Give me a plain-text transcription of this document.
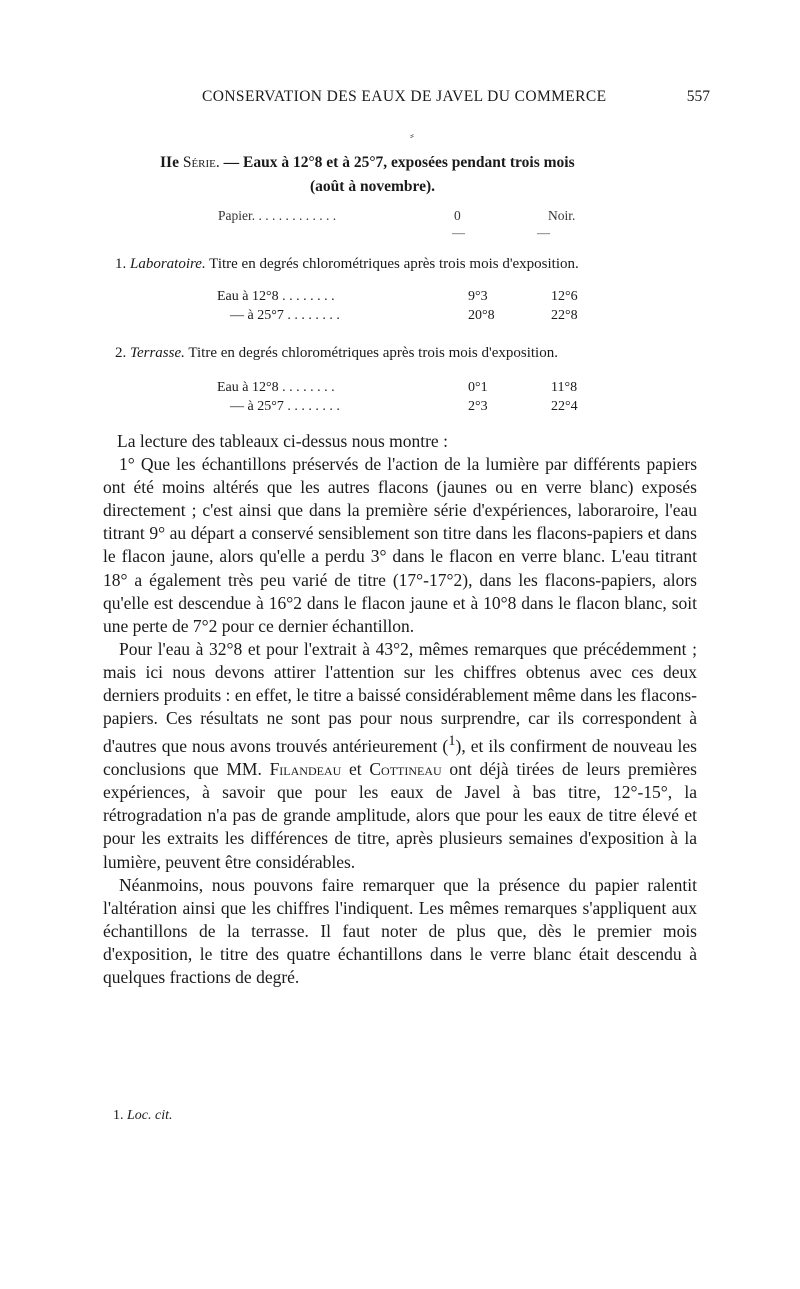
CONSERVATION DES EAUX DE JAVEL DU COMMERCE	557
⸗
IIe Série. — Eaux à 12°8 et à 25°7, exposées pendant trois mois
(août à novembre).
Papier. . . . . . . . . . . . .	0	Noir.
—	—
1. Laboratoire. Titre en degrés chlorométriques après trois mois d'exposition.
Eau à 12°8 . . . . . . . .	9°3	12°6
— à 25°7 . . . . . . . .	20°8	22°8
2. Terrasse. Titre en degrés chlorométriques après trois mois d'exposition.
Eau à 12°8 . . . . . . . .	0°1	11°8
— à 25°7 . . . . . . . .	2°3	22°4

La lecture des tableaux ci-dessus nous montre :

1° Que les échantillons préservés de l'action de la lumière par différents papiers ont été moins altérés que les autres flacons (jaunes ou en verre blanc) exposés directement ; c'est ainsi que dans la première série d'expériences, laboraroire, l'eau titrant 9° au départ a conservé sensiblement son titre dans les flacons-papiers et dans le flacon jaune, alors qu'elle a perdu 3° dans le flacon en verre blanc. L'eau titrant 18° a également très peu varié de titre (17°-17°2), dans les flacons-papiers, alors qu'elle est descendue à 16°2 dans le flacon jaune et à 10°8 dans le flacon blanc, soit une perte de 7°2 pour ce dernier échantillon.

Pour l'eau à 32°8 et pour l'extrait à 43°2, mêmes remarques que précédemment ; mais ici nous devons attirer l'attention sur les chiffres obtenus avec ces deux derniers produits : en effet, le titre a baissé considérablement même dans les flacons-papiers. Ces résultats ne sont pas pour nous surprendre, car ils correspondent à d'autres que nous avons trouvés antérieurement ($^1$), et ils confirment de nouveau les conclusions que MM. Filandeau et Cottineau ont déjà tirées de leurs premières expériences, à savoir que pour les eaux de Javel à bas titre, 12°-15°, la rétrogradation n'a pas de grande amplitude, alors que pour les eaux de titre élevé et pour les extraits les différences de titre, après plusieurs semaines d'exposition à la lumière, peuvent être considérables.

Néanmoins, nous pouvons faire remarquer que la présence du papier ralentit l'altération ainsi que les chiffres l'indiquent. Les mêmes remarques s'appliquent aux échantillons de la terrasse. Il faut noter de plus que, dès le premier mois d'exposition, le titre des quatre échantillons dans le verre blanc était descendu à quelques fractions de degré.

1. Loc. cit.
